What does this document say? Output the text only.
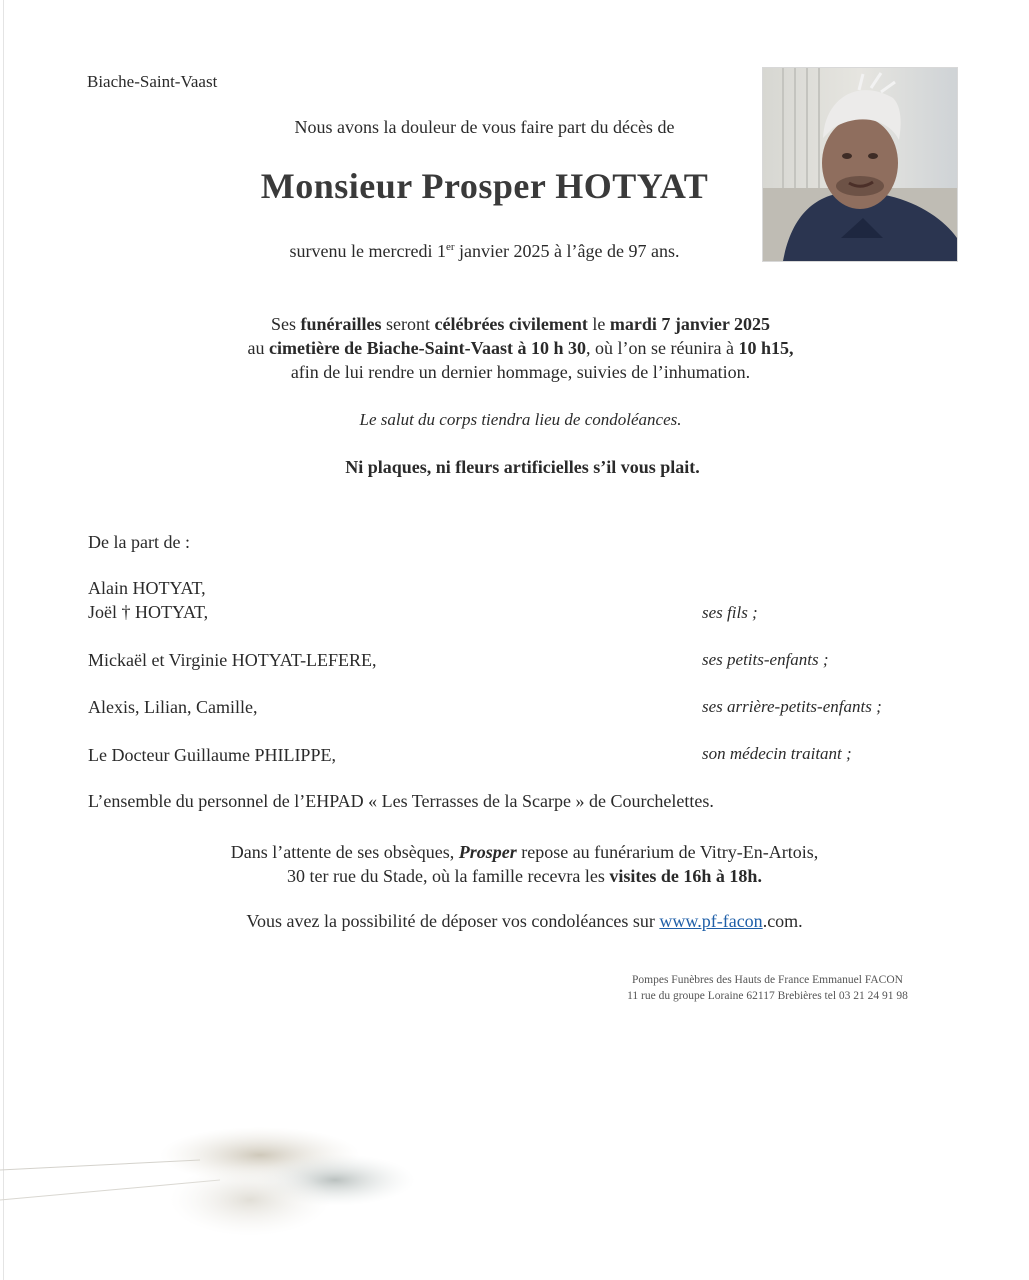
Biache-Saint-Vaast
Nous avons la douleur de vous faire part du décès de
Monsieur Prosper HOTYAT
survenu le mercredi 1er janvier 2025 à l’âge de 97 ans.
Ses funérailles seront célébrées civilement le mardi 7 janvier 2025
au cimetière de Biache-Saint-Vaast à 10 h 30, où l’on se réunira à 10 h15,
afin de lui rendre un dernier hommage, suivies de l’inhumation.
Le salut du corps tiendra lieu de condoléances.
Ni plaques, ni fleurs artificielles s’il vous plait.
De la part de :
Alain HOTYAT,
Joël † HOTYAT,	ses fils ;
Mickaël et Virginie HOTYAT-LEFERE,	ses petits-enfants ;
Alexis, Lilian, Camille,	ses arrière-petits-enfants ;
Le Docteur Guillaume PHILIPPE,	son médecin traitant ;
L’ensemble du personnel de l’EHPAD « Les Terrasses de la Scarpe » de Courchelettes.
Dans l’attente de ses obsèques, Prosper repose au funérarium de Vitry-En-Artois,
30 ter rue du Stade, où la famille recevra les visites de 16h à 18h.
Vous avez la possibilité de déposer vos condoléances sur www.pf-facon.com.
Pompes Funèbres des Hauts de France Emmanuel FACON
11 rue du groupe Loraine 62117 Brebières tel 03 21 24 91 98
